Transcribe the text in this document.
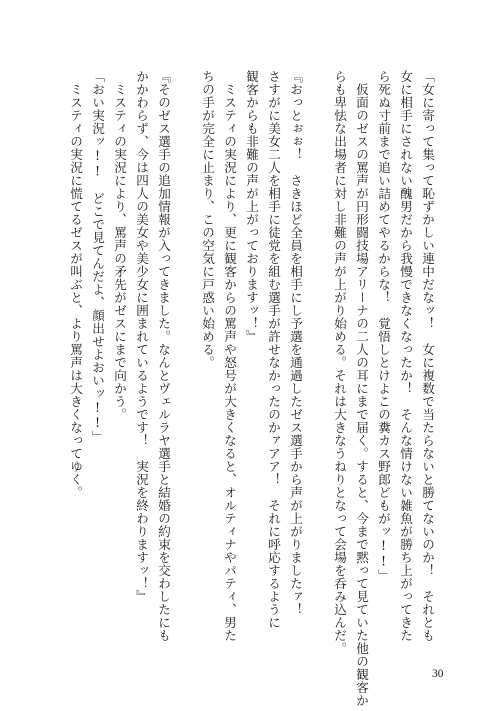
「女に寄って集って恥ずかしい連中だなッ！　女に複数で当たらないと勝てないのか！　それとも
女に相手にされない醜男だから我慢できなくなったか！　そんな情けない雑魚が勝ち上がってきた
ら死ぬ寸前まで追い詰めてやるからな！　覚悟しとけよこの糞カス野郎どもがッ!!」
仮面のゼスの罵声が円形闘技場アリーナの二人の耳にまで届く。すると、今まで黙って見ていた他の観客か
らも卑怯な出場者に対し非難の声が上がり始める。それは大きなうねりとなって会場を呑み込んだ。
『おっとぉぉ！　さきほど全員を相手にし予選を通過したゼス選手から声が上がりましたァ！
さすがに美女二人を相手に徒党を組む選手が許せなかったのかァアア！　それに呼応するように
観客からも非難の声が上がっておりますッ！』
ミスティの実況により、更に観客からの罵声や怒号が大きくなると、オルティナやパティ、男た
ちの手が完全に止まり、この空気に戸惑い始める。
『そのゼス選手の追加情報が入ってきました。なんとヴェルラヤ選手と結婚の約束を交わしたにも
かかわらず、今は四人の美女や美少女に囲まれているようです！　実況を終わりますッ！』
ミスティの実況により、罵声の矛先がゼスにまで向かう。
「おい実況ッ!!　どこで見てんだよ、顔出せよおいッ!!」
ミスティの実況に慌てるゼスが叫ぶと、より罵声は大きくなってゆく。
30
